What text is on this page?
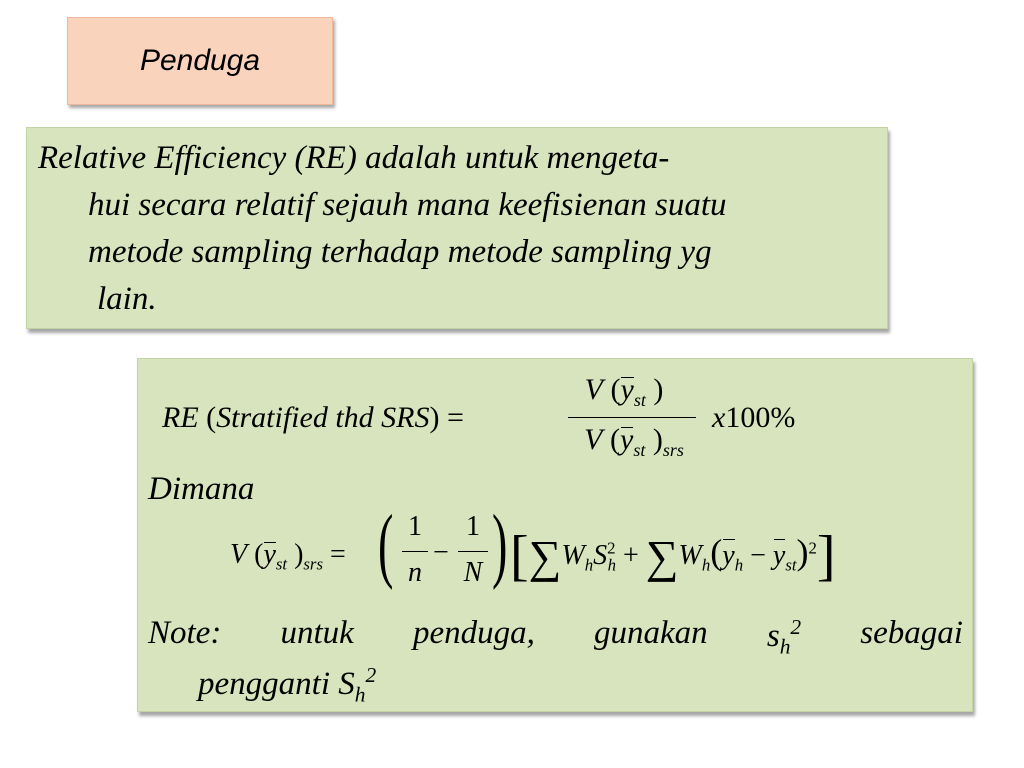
Penduga
Relative Efficiency (RE) adalah untuk mengeta-
hui secara relatif sejauh mana keefisienan suatu
metode sampling terhadap metode sampling yg
lain.
RE (Stratified thd SRS) =
V ($y_{st}$ )
V ($y_{st}$ )$_{srs}$
x100%
Dimana
V ($y_{st}$ )$_{srs}$ = ( 1
n
−
1
N ) $[\sum W_hS^2_h + \sum W_h(y_h - y_{st})^2]$
Note: untuk penduga, gunakan $s_h^2$ sebagai
pengganti $S_h^2$
